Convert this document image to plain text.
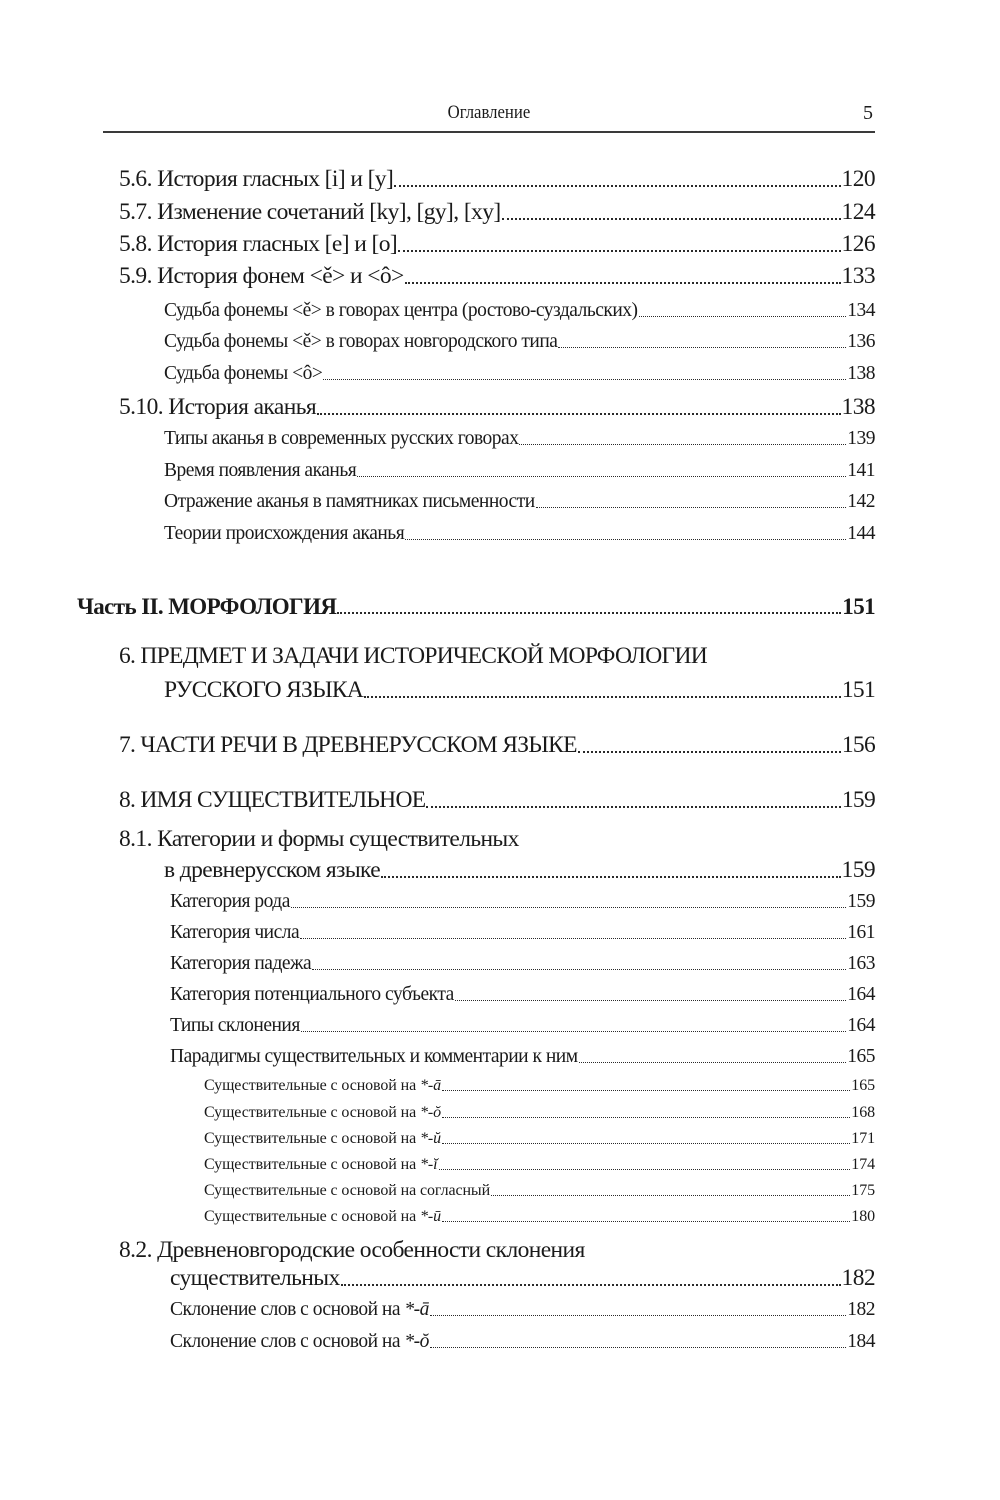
Оглавление	5
5.6. История гласных [i] и [y]	120
5.7. Изменение сочетаний [ky], [gy], [xy]	124
5.8. История гласных [e] и [o]	126
5.9. История фонем <ě> и <ô>	133
Судьба фонемы <ě> в говорах центра (ростово-суздальских)	134
Судьба фонемы <ě> в говорах новгородского типа	136
Судьба фонемы <ô>	138
5.10. История аканья	138
Типы аканья в современных русских говорах	139
Время появления аканья	141
Отражение аканья в памятниках письменности	142
Теории происхождения аканья	144
Часть II. МОРФОЛОГИЯ	151
6. ПРЕДМЕТ И ЗАДАЧИ ИСТОРИЧЕСКОЙ МОРФОЛОГИИ
РУССКОГО ЯЗЫКА	151
7. ЧАСТИ РЕЧИ В ДРЕВНЕРУССКОМ ЯЗЫКЕ	156
8. ИМЯ СУЩЕСТВИТЕЛЬНОЕ	159
8.1. Категории и формы существительных
в древнерусском языке	159
Категория рода	159
Категория числа	161
Категория падежа	163
Категория потенциального субъекта	164
Типы склонения	164
Парадигмы существительных и комментарии к ним	165
Существительные с основой на *-ā	165
Существительные с основой на *-ŏ	168
Существительные с основой на *-ŭ	171
Существительные с основой на *-ĭ	174
Существительные с основой на согласный	175
Существительные с основой на *-ū	180
8.2. Древненовгородские особенности склонения
существительных	182
Склонение слов с основой на *-ā	182
Склонение слов с основой на *-ŏ	184
